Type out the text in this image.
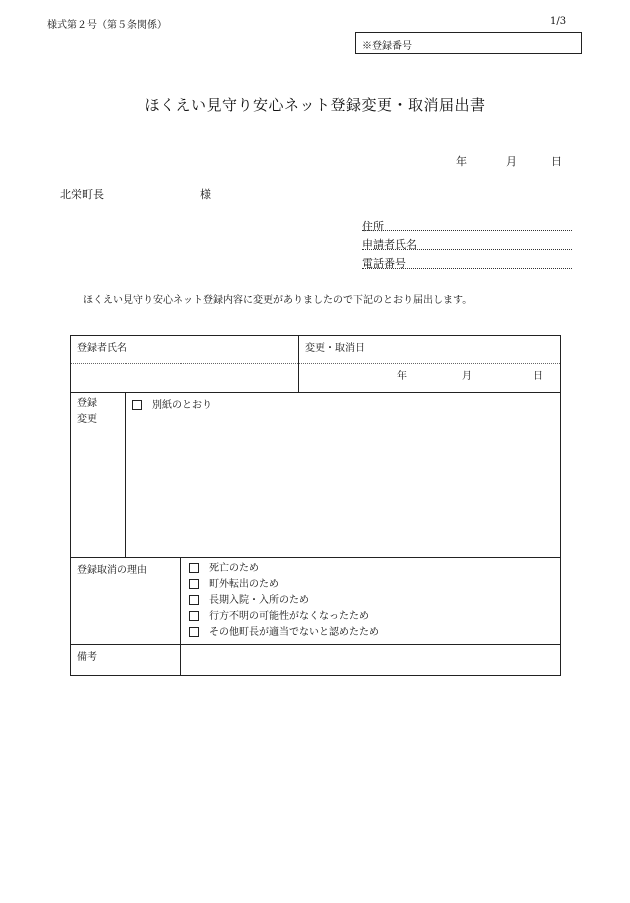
様式第２号（第５条関係）	1/3
※登録番号
ほくえい見守り安心ネット登録変更・取消届出書
年	月	日
北栄町長	様
住所
申請者氏名
電話番号
ほくえい見守り安心ネット登録内容に変更がありましたので下記のとおり届出します。
登録者氏名			変更・取消日

			年 月 日

登録
変更	別紙のとおり		

登録取消の理由		死亡のため
町外転出のため
長期入院・入所のため
行方不明の可能性がなくなったため
その他町長が適当でないと認めたため	

備考			
